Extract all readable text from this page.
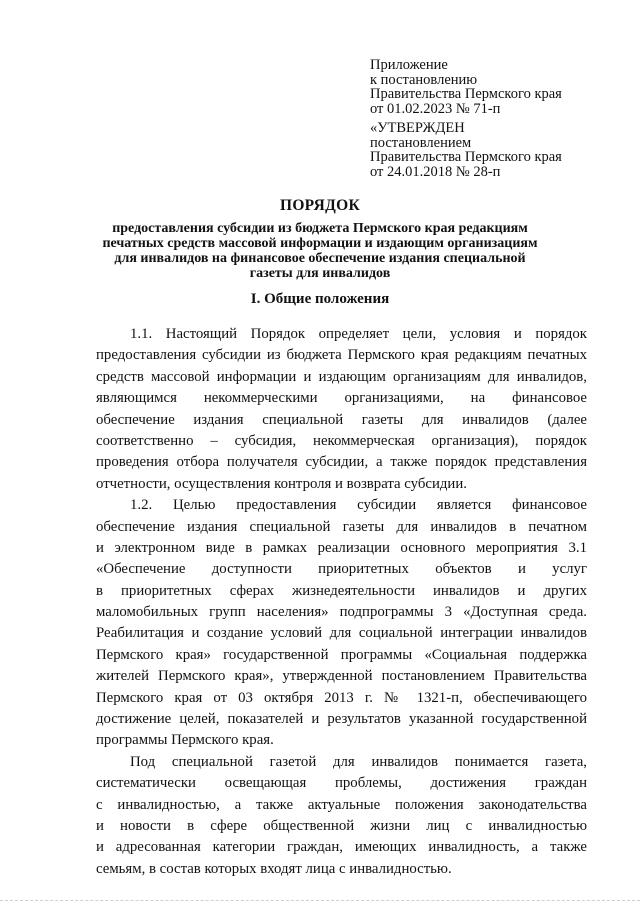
Приложение
к постановлению
Правительства Пермского края
от 01.02.2023 № 71-п
«УТВЕРЖДЕН
постановлением
Правительства Пермского края
от 24.01.2018 № 28-п
ПОРЯДОК
предоставления субсидии из бюджета Пермского края редакциям
печатных средств массовой информации и издающим организациям
для инвалидов на финансовое обеспечение издания специальной
газеты для инвалидов
I. Общие положения
1.1. Настоящий Порядок определяет цели, условия и порядок
предоставления субсидии из бюджета Пермского края редакциям печатных
средств массовой информации и издающим организациям для инвалидов,
являющимся некоммерческими организациями, на финансовое
обеспечение издания специальной газеты для инвалидов (далее
соответственно – субсидия, некоммерческая организация), порядок
проведения отбора получателя субсидии, а также порядок представления
отчетности, осуществления контроля и возврата субсидии.
1.2. Целью предоставления субсидии является финансовое
обеспечение издания специальной газеты для инвалидов в печатном
и электронном виде в рамках реализации основного мероприятия 3.1
«Обеспечение доступности приоритетных объектов и услуг
в приоритетных сферах жизнедеятельности инвалидов и других
маломобильных групп населения» подпрограммы 3 «Доступная среда.
Реабилитация и создание условий для социальной интеграции инвалидов
Пермского края» государственной программы «Социальная поддержка
жителей Пермского края», утвержденной постановлением Правительства
Пермского края от 03 октября 2013 г. № 1321-п, обеспечивающего
достижение целей, показателей и результатов указанной государственной
программы Пермского края.
Под специальной газетой для инвалидов понимается газета,
систематически освещающая проблемы, достижения граждан
с инвалидностью, а также актуальные положения законодательства
и новости в сфере общественной жизни лиц с инвалидностью
и адресованная категории граждан, имеющих инвалидность, а также
семьям, в состав которых входят лица с инвалидностью.
